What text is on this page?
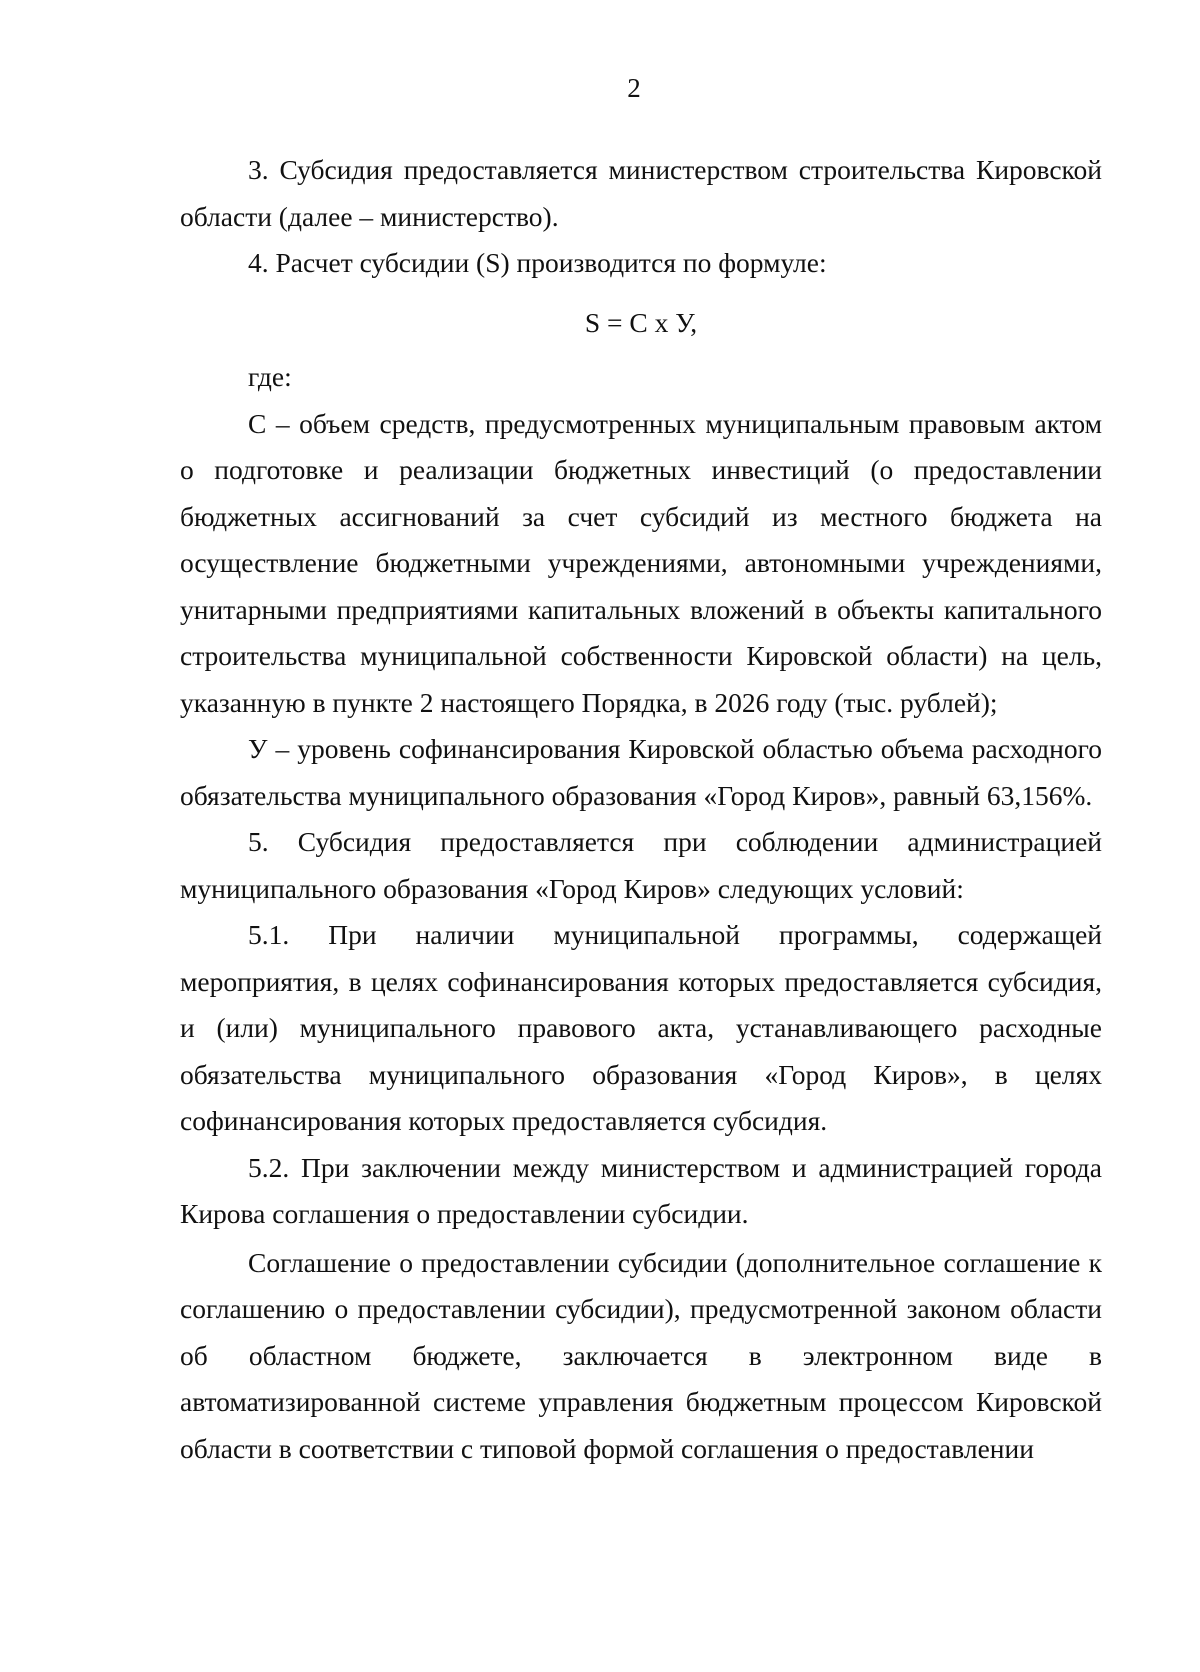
2

3. Субсидия предоставляется министерством строительства Кировской области (далее – министерство).

4. Расчет субсидии (S) производится по формуле:

S = C x У,

где:

С – объем средств, предусмотренных муниципальным правовым актом о подготовке и реализации бюджетных инвестиций (о предоставлении бюджетных ассигнований за счет субсидий из местного бюджета на осуществление бюджетными учреждениями, автономными учреждениями, унитарными предприятиями капитальных вложений в объекты капитального строительства муниципальной собственности Кировской области) на цель, указанную в пункте 2 настоящего Порядка, в 2026 году (тыс. рублей);

У – уровень софинансирования Кировской областью объема расходного обязательства муниципального образования «Город Киров», равный 63,156%.

5. Субсидия предоставляется при соблюдении администрацией муниципального образования «Город Киров» следующих условий:

5.1. При наличии муниципальной программы, содержащей мероприятия, в целях софинансирования которых предоставляется субсидия, и (или) муниципального правового акта, устанавливающего расходные обязательства муниципального образования «Город Киров», в целях софинансирования которых предоставляется субсидия.

5.2. При заключении между министерством и администрацией города Кирова соглашения о предоставлении субсидии.

Соглашение о предоставлении субсидии (дополнительное соглашение к соглашению о предоставлении субсидии), предусмотренной законом области об областном бюджете, заключается в электронном виде в автоматизированной системе управления бюджетным процессом Кировской области в соответствии с типовой формой соглашения о предоставлении
